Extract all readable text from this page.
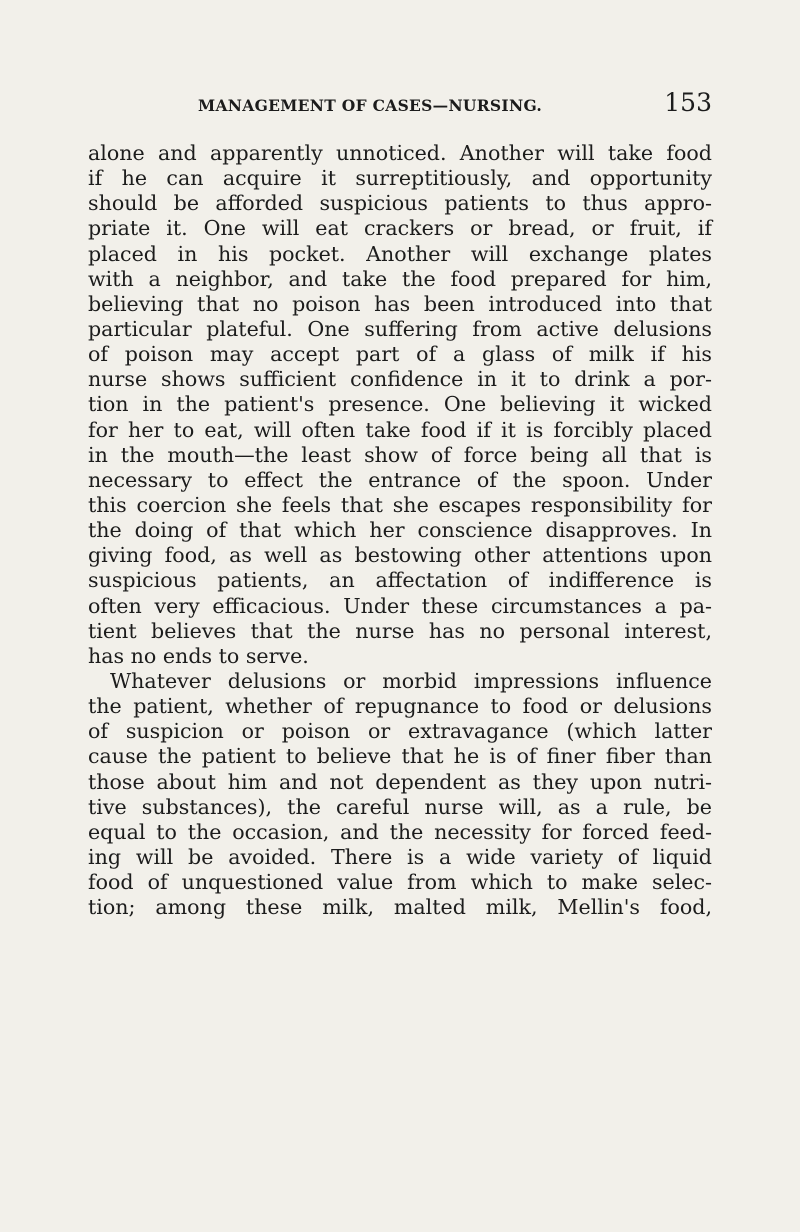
MANAGEMENT OF CASES—NURSING.	153
alone and apparently unnoticed. Another will take food
if he can acquire it surreptitiously, and opportunity
should be afforded suspicious patients to thus appro-
priate it. One will eat crackers or bread, or fruit, if
placed in his pocket. Another will exchange plates
with a neighbor, and take the food prepared for him,
believing that no poison has been introduced into that
particular plateful. One suffering from active delusions
of poison may accept part of a glass of milk if his
nurse shows sufficient confidence in it to drink a por-
tion in the patient's presence. One believing it wicked
for her to eat, will often take food if it is forcibly placed
in the mouth—the least show of force being all that is
necessary to effect the entrance of the spoon. Under
this coercion she feels that she escapes responsibility for
the doing of that which her conscience disapproves. In
giving food, as well as bestowing other attentions upon
suspicious patients, an affectation of indifference is
often very efficacious. Under these circumstances a pa-
tient believes that the nurse has no personal interest,
has no ends to serve.
Whatever delusions or morbid impressions influence
the patient, whether of repugnance to food or delusions
of suspicion or poison or extravagance (which latter
cause the patient to believe that he is of finer fiber than
those about him and not dependent as they upon nutri-
tive substances), the careful nurse will, as a rule, be
equal to the occasion, and the necessity for forced feed-
ing will be avoided. There is a wide variety of liquid
food of unquestioned value from which to make selec-
tion; among these milk, malted milk, Mellin's food,
